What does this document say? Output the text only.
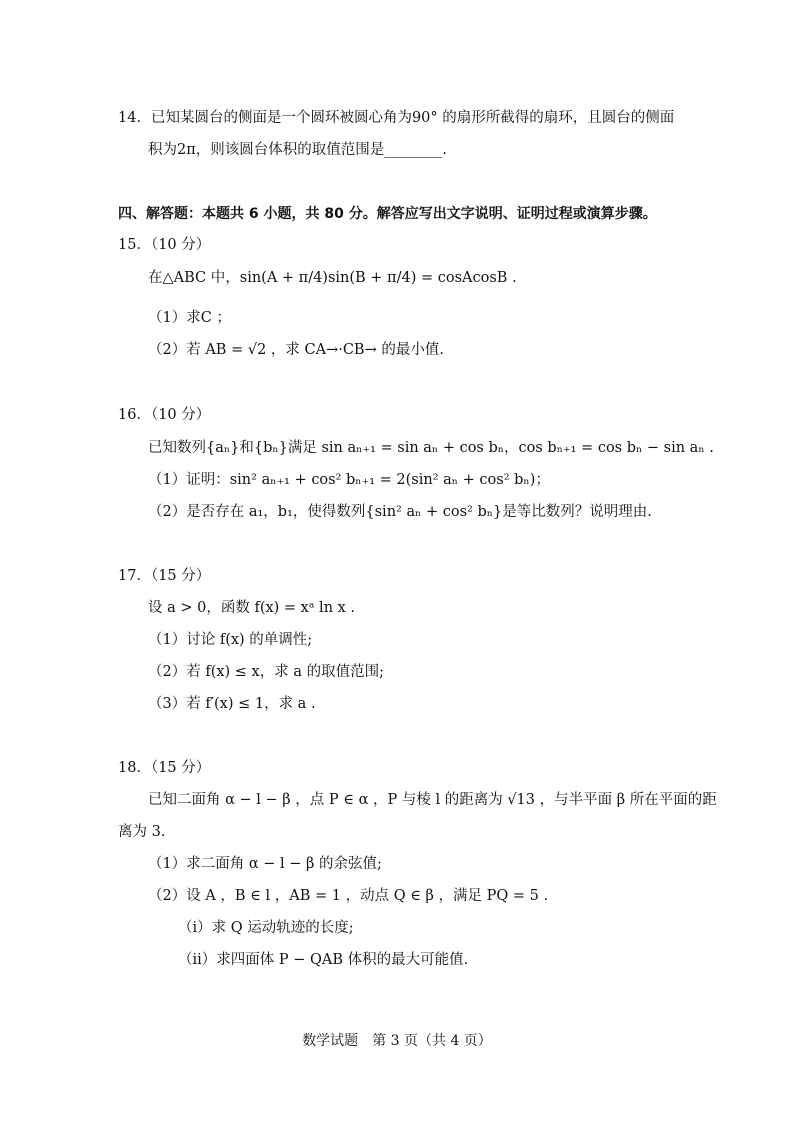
14．已知某圆台的侧面是一个圆环被圆心角为90° 的扇形所截得的扇环，且圆台的侧面
积为2π，则该圆台体积的取值范围是________.
四、解答题：本题共 6 小题，共 80 分。解答应写出文字说明、证明过程或演算步骤。
15．（10 分）
在△ABC 中，sin(A + π/4)sin(B + π/4) = cosAcosB .
（1）求C ；
（2）若 AB = √2 ，求 CA→·CB→ 的最小值.
16．（10 分）
已知数列{aₙ}和{bₙ}满足 sin aₙ₊₁ = sin aₙ + cos bₙ，cos bₙ₊₁ = cos bₙ − sin aₙ .
（1）证明：sin² aₙ₊₁ + cos² bₙ₊₁ = 2(sin² aₙ + cos² bₙ)；
（2）是否存在 a₁，b₁，使得数列{sin² aₙ + cos² bₙ}是等比数列？说明理由.
17．（15 分）
设 a > 0，函数 f(x) = xᵃ ln x .
（1）讨论 f(x) 的单调性;
（2）若 f(x) ≤ x，求 a 的取值范围;
（3）若 f′(x) ≤ 1，求 a .
18．（15 分）
已知二面角 α − l − β ，点 P ∈ α ，P 与棱 l 的距离为 √13 ，与半平面 β 所在平面的距
离为 3.
（1）求二面角 α − l − β 的余弦值;
（2）设 A ，B ∈ l ，AB = 1 ，动点 Q ∈ β ，满足 PQ = 5 .
（i）求 Q 运动轨迹的长度;
（ii）求四面体 P − QAB 体积的最大可能值.
数学试题　第 3 页（共 4 页）
